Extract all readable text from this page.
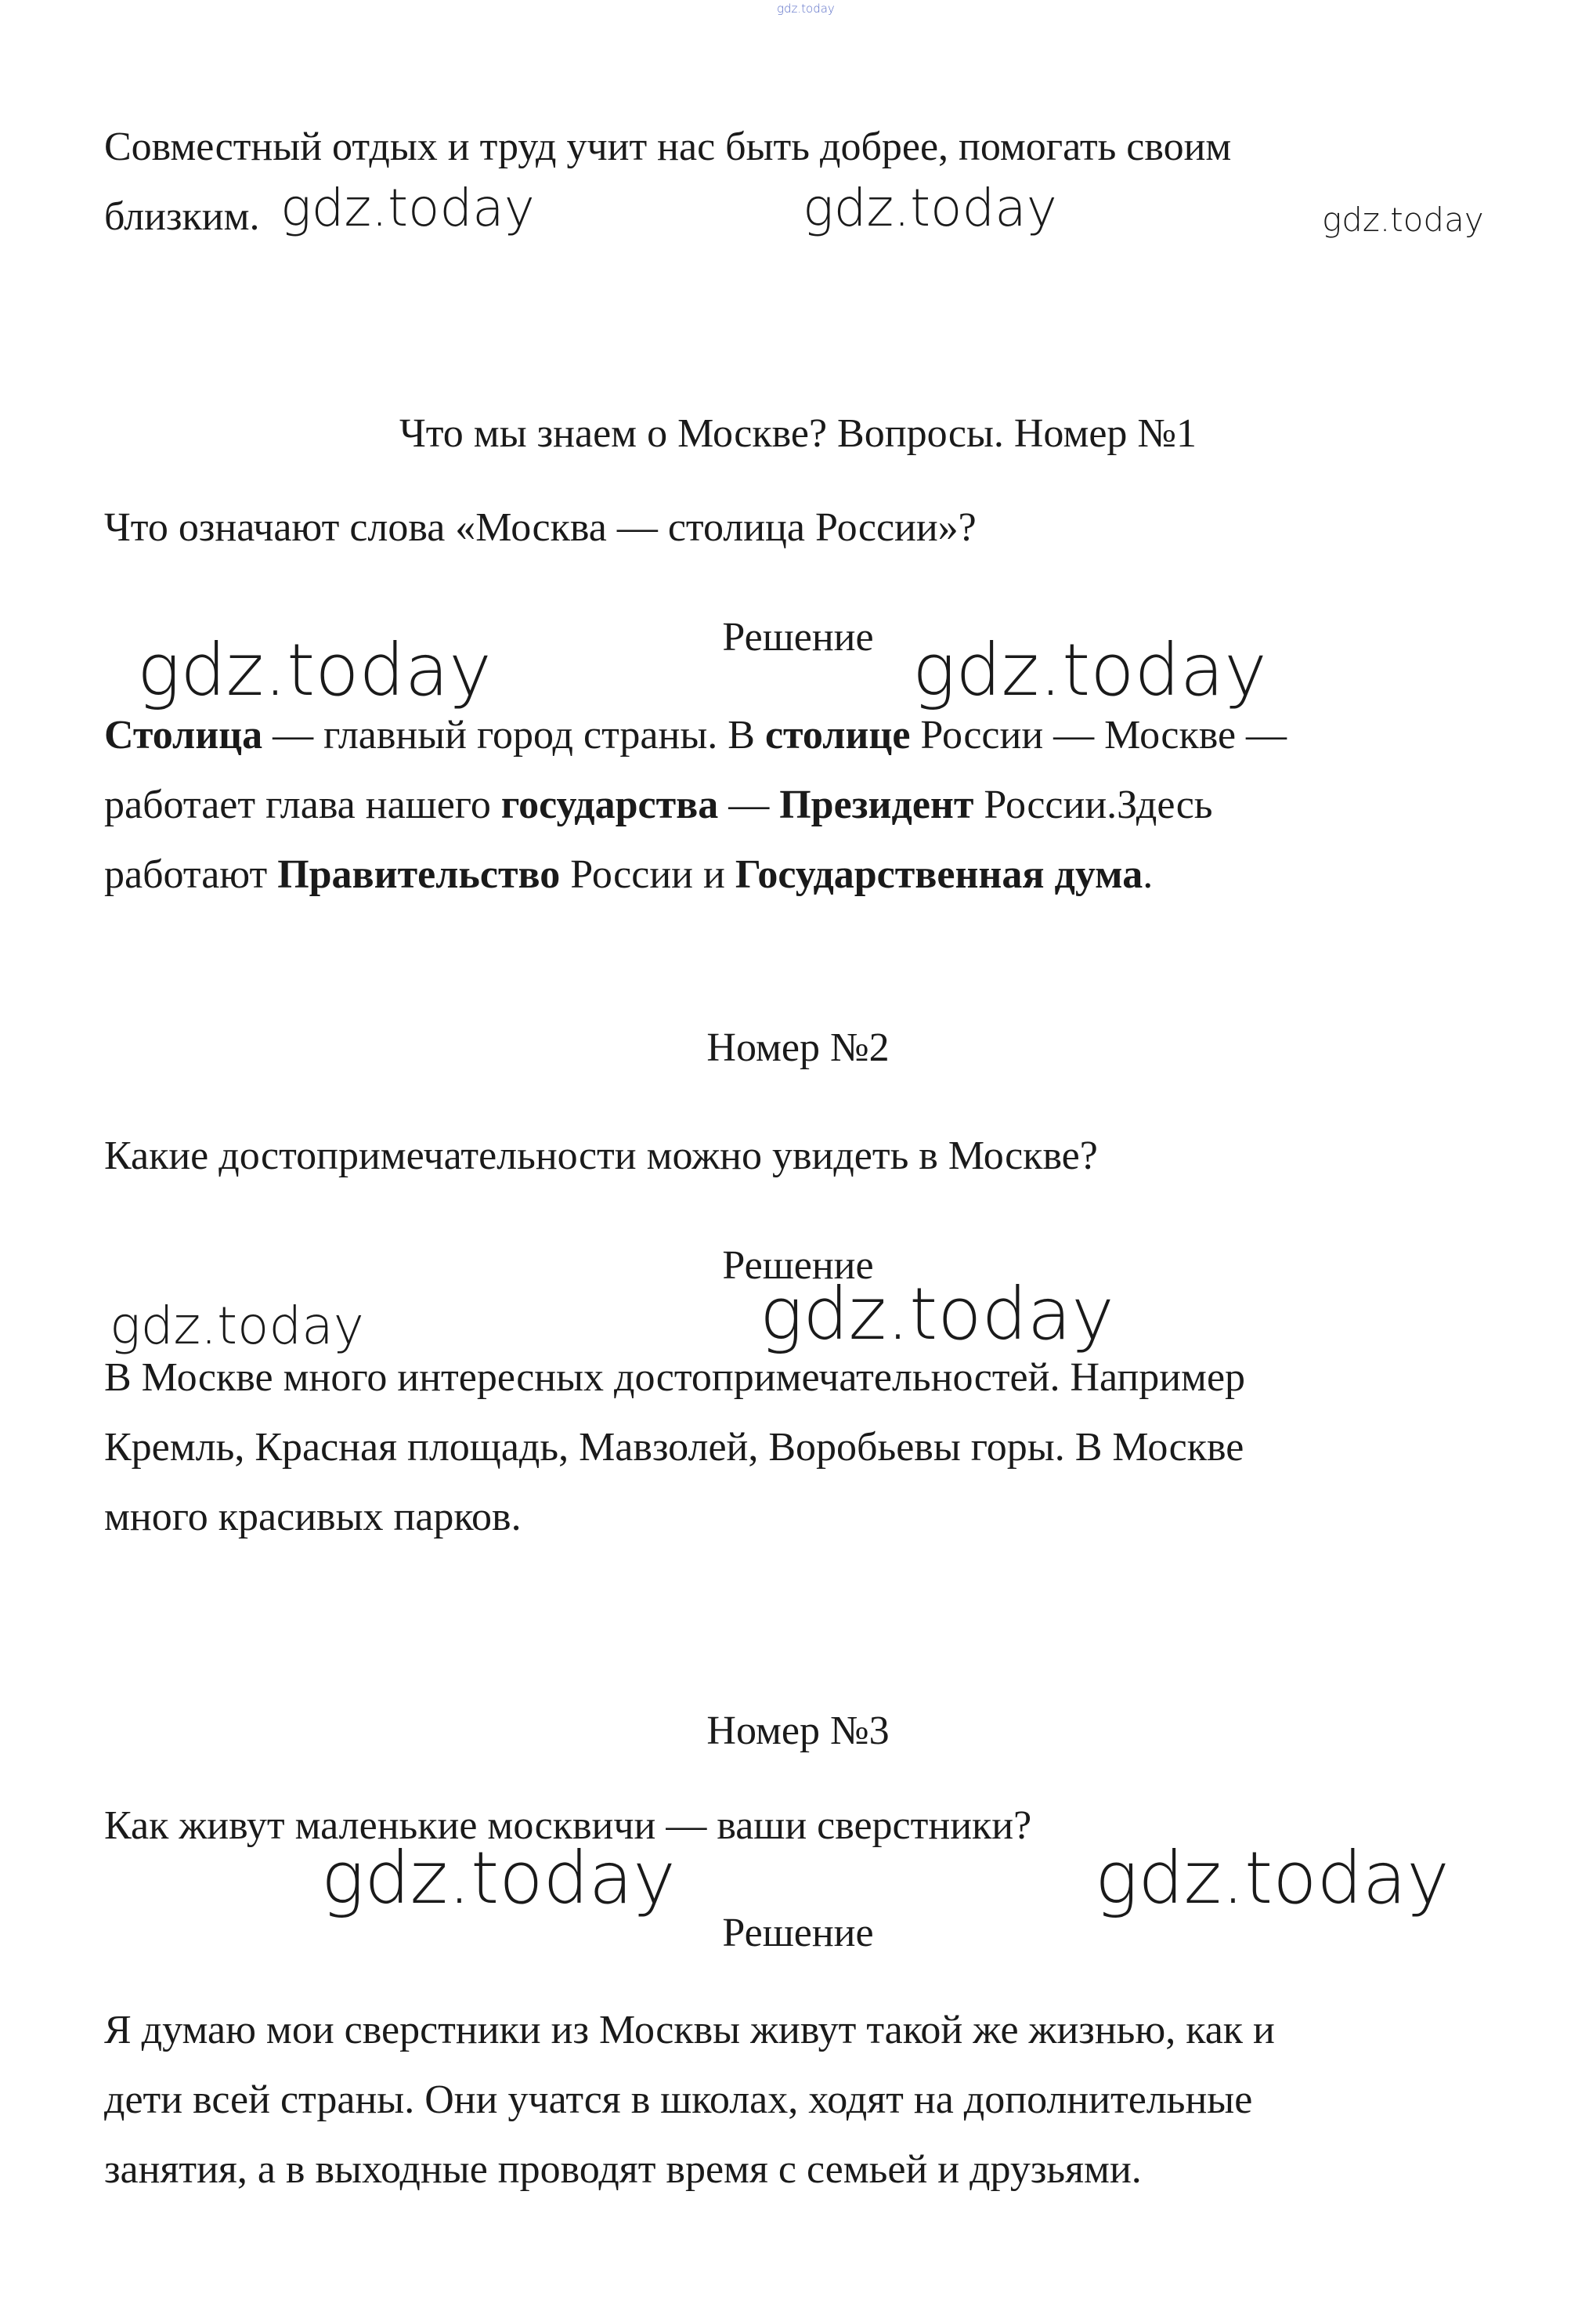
gdz.today
Совместный отдых и труд учит нас быть добрее, помогать своим
близким. gdz.today	gdz.today	gdz.today
Что мы знаем о Москве? Вопросы. Номер №1
Что означают слова «Москва — столица России»?
Решение
gdz.today	gdz.today
Столица — главный город страны. В столице России — Москве —
работает глава нашего государства — Президент России.Здесь
работают Правительство России и Государственная дума.
Номер №2
Какие достопримечательности можно увидеть в Москве?
Решение
gdz.today	gdz.today
В Москве много интересных достопримечательностей. Например
Кремль, Красная площадь, Мавзолей, Воробьевы горы. В Москве
много красивых парков.
Номер №3
Как живут маленькие москвичи — ваши сверстники?
gdz.today	gdz.today
Решение
Я думаю мои сверстники из Москвы живут такой же жизнью, как и
дети всей страны. Они учатся в школах, ходят на дополнительные
занятия, а в выходные проводят время с семьей и друзьями.
